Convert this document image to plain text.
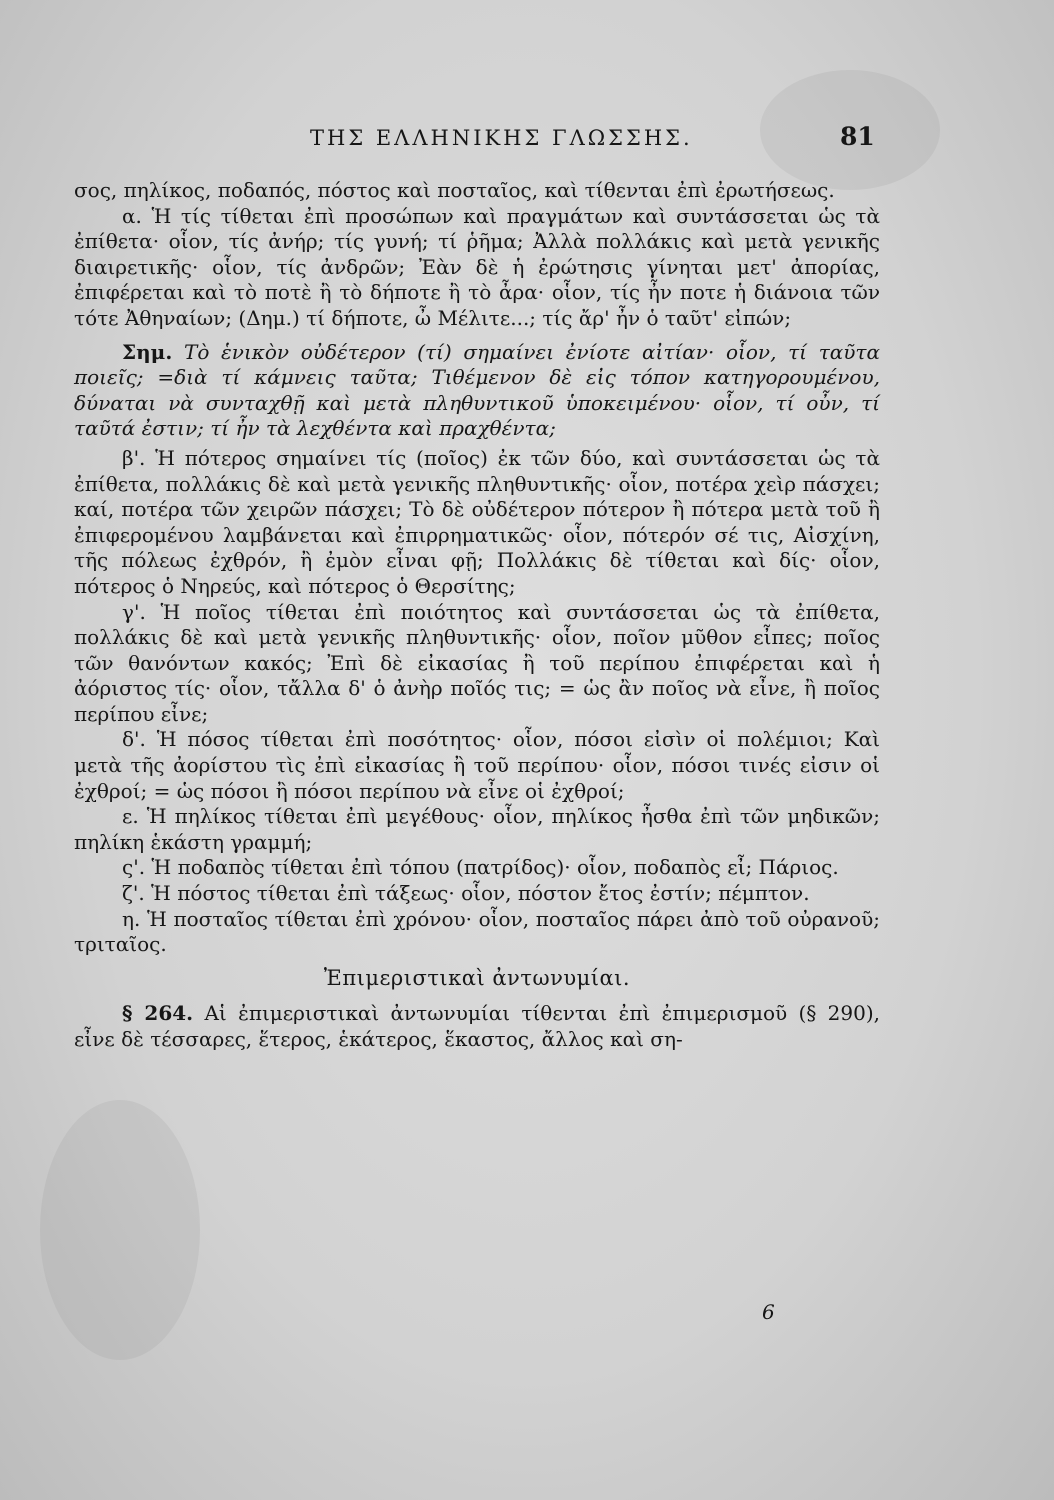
ΤΗΣ ΕΛΛΗΝΙΚΗΣ ΓΛΩΣΣΗΣ.	81

σος, πηλίκος, ποδαπός, πόστος καὶ ποσταῖος, καὶ τίθενται ἐπὶ ἐρωτήσεως.

α. Ἡ τίς τίθεται ἐπὶ προσώπων καὶ πραγμάτων καὶ συντάσσεται ὡς τὰ ἐπίθετα· οἷον, τίς ἀνήρ; τίς γυνή; τί ῥῆμα; Ἀλλὰ πολλάκις καὶ μετὰ γενικῆς διαιρετικῆς· οἷον, τίς ἀνδρῶν; Ἐὰν δὲ ἡ ἐρώτησις γίνηται μετ' ἀπορίας, ἐπιφέρεται καὶ τὸ ποτὲ ἢ τὸ δήποτε ἢ τὸ ἆρα· οἷον, τίς ἦν ποτε ἡ διάνοια τῶν τότε Ἀθηναίων; (Δημ.) τί δήποτε, ὦ Μέλιτε...; τίς ἄρ' ἦν ὁ ταῦτ' εἰπών;

Σημ. Τὸ ἑνικὸν οὐδέτερον (τί) σημαίνει ἐνίοτε αἰτίαν· οἷον, τί ταῦτα ποιεῖς; =διὰ τί κάμνεις ταῦτα; Τιθέμενον δὲ εἰς τόπον κατηγορουμένου, δύναται νὰ συνταχθῇ καὶ μετὰ πληθυντικοῦ ὑποκειμένου· οἷον, τί οὖν, τί ταῦτά ἐστιν; τί ἦν τὰ λεχθέντα καὶ πραχθέντα;

β'. Ἡ πότερος σημαίνει τίς (ποῖος) ἐκ τῶν δύο, καὶ συντάσσεται ὡς τὰ ἐπίθετα, πολλάκις δὲ καὶ μετὰ γενικῆς πληθυντικῆς· οἷον, ποτέρα χεὶρ πάσχει; καί, ποτέρα τῶν χειρῶν πάσχει; Τὸ δὲ οὐδέτερον πότερον ἢ πότερα μετὰ τοῦ ἢ ἐπιφερομένου λαμβάνεται καὶ ἐπιρρηματικῶς· οἷον, πότερόν σέ τις, Αἰσχίνη, τῆς πόλεως ἐχθρόν, ἢ ἐμὸν εἶναι φῇ; Πολλάκις δὲ τίθεται καὶ δίς· οἷον, πότερος ὁ Νηρεύς, καὶ πότερος ὁ Θερσίτης;

γ'. Ἡ ποῖος τίθεται ἐπὶ ποιότητος καὶ συντάσσεται ὡς τὰ ἐπίθετα, πολλάκις δὲ καὶ μετὰ γενικῆς πληθυντικῆς· οἷον, ποῖον μῦθον εἶπες; ποῖος τῶν θανόντων κακός; Ἐπὶ δὲ εἰκασίας ἢ τοῦ περίπου ἐπιφέρεται καὶ ἡ ἀόριστος τίς· οἷον, τἄλλα δ' ὁ ἀνὴρ ποῖός τις; = ὡς ἂν ποῖος νὰ εἶνε, ἢ ποῖος περίπου εἶνε;

δ'. Ἡ πόσος τίθεται ἐπὶ ποσότητος· οἷον, πόσοι εἰσὶν οἱ πολέμιοι; Καὶ μετὰ τῆς ἀορίστου τὶς ἐπὶ εἰκασίας ἢ τοῦ περίπου· οἷον, πόσοι τινές εἰσιν οἱ ἐχθροί; = ὡς πόσοι ἢ πόσοι περίπου νὰ εἶνε οἱ ἐχθροί;

ε. Ἡ πηλίκος τίθεται ἐπὶ μεγέθους· οἷον, πηλίκος ἦσθα ἐπὶ τῶν μηδικῶν; πηλίκη ἑκάστη γραμμή;

ς'. Ἡ ποδαπὸς τίθεται ἐπὶ τόπου (πατρίδος)· οἷον, ποδαπὸς εἶ; Πάριος.

ζ'. Ἡ πόστος τίθεται ἐπὶ τάξεως· οἷον, πόστον ἔτος ἐστίν; πέμπτον.

η. Ἡ ποσταῖος τίθεται ἐπὶ χρόνου· οἷον, ποσταῖος πάρει ἀπὸ τοῦ οὐρανοῦ; τριταῖος.

Ἐπιμεριστικαὶ ἀντωνυμίαι.

§ 264. Αἱ ἐπιμεριστικαὶ ἀντωνυμίαι τίθενται ἐπὶ ἐπιμερισμοῦ (§ 290), εἶνε δὲ τέσσαρες, ἕτερος, ἑκάτερος, ἕκαστος, ἄλλος καὶ ση-

6
